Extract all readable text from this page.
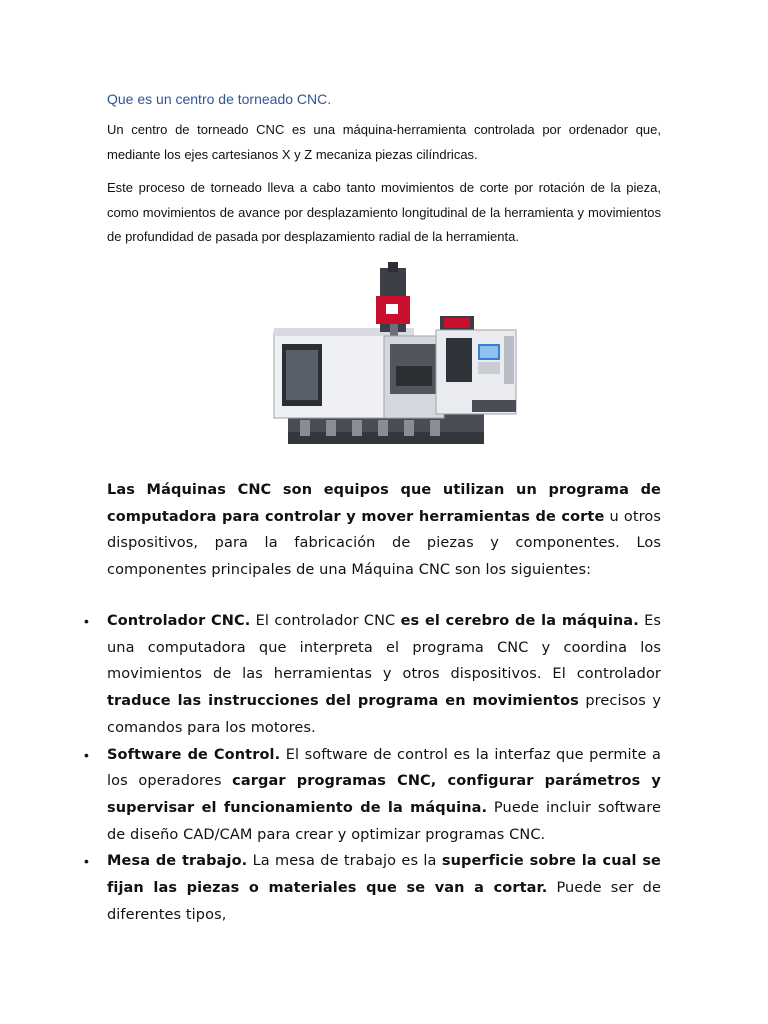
Que es un centro de torneado CNC.

Un centro de torneado CNC es una máquina-herramienta controlada por ordenador que, mediante los ejes cartesianos X y Z mecaniza piezas cilíndricas.

Este proceso de torneado lleva a cabo tanto movimientos de corte por rotación de la pieza, como movimientos de avance por desplazamiento longitudinal de la herramienta y movimientos de profundidad de pasada por desplazamiento radial de la herramienta.

Las Máquinas CNC son equipos que utilizan un programa de computadora para controlar y mover herramientas de corte u otros dispositivos, para la fabricación de piezas y componentes. Los componentes principales de una Máquina CNC son los siguientes:

• Controlador CNC. El controlador CNC es el cerebro de la máquina. Es una computadora que interpreta el programa CNC y coordina los movimientos de las herramientas y otros dispositivos. El controlador traduce las instrucciones del programa en movimientos precisos y comandos para los motores.

• Software de Control. El software de control es la interfaz que permite a los operadores cargar programas CNC, configurar parámetros y supervisar el funcionamiento de la máquina. Puede incluir software de diseño CAD/CAM para crear y optimizar programas CNC.

• Mesa de trabajo. La mesa de trabajo es la superficie sobre la cual se fijan las piezas o materiales que se van a cortar. Puede ser de diferentes tipos,
